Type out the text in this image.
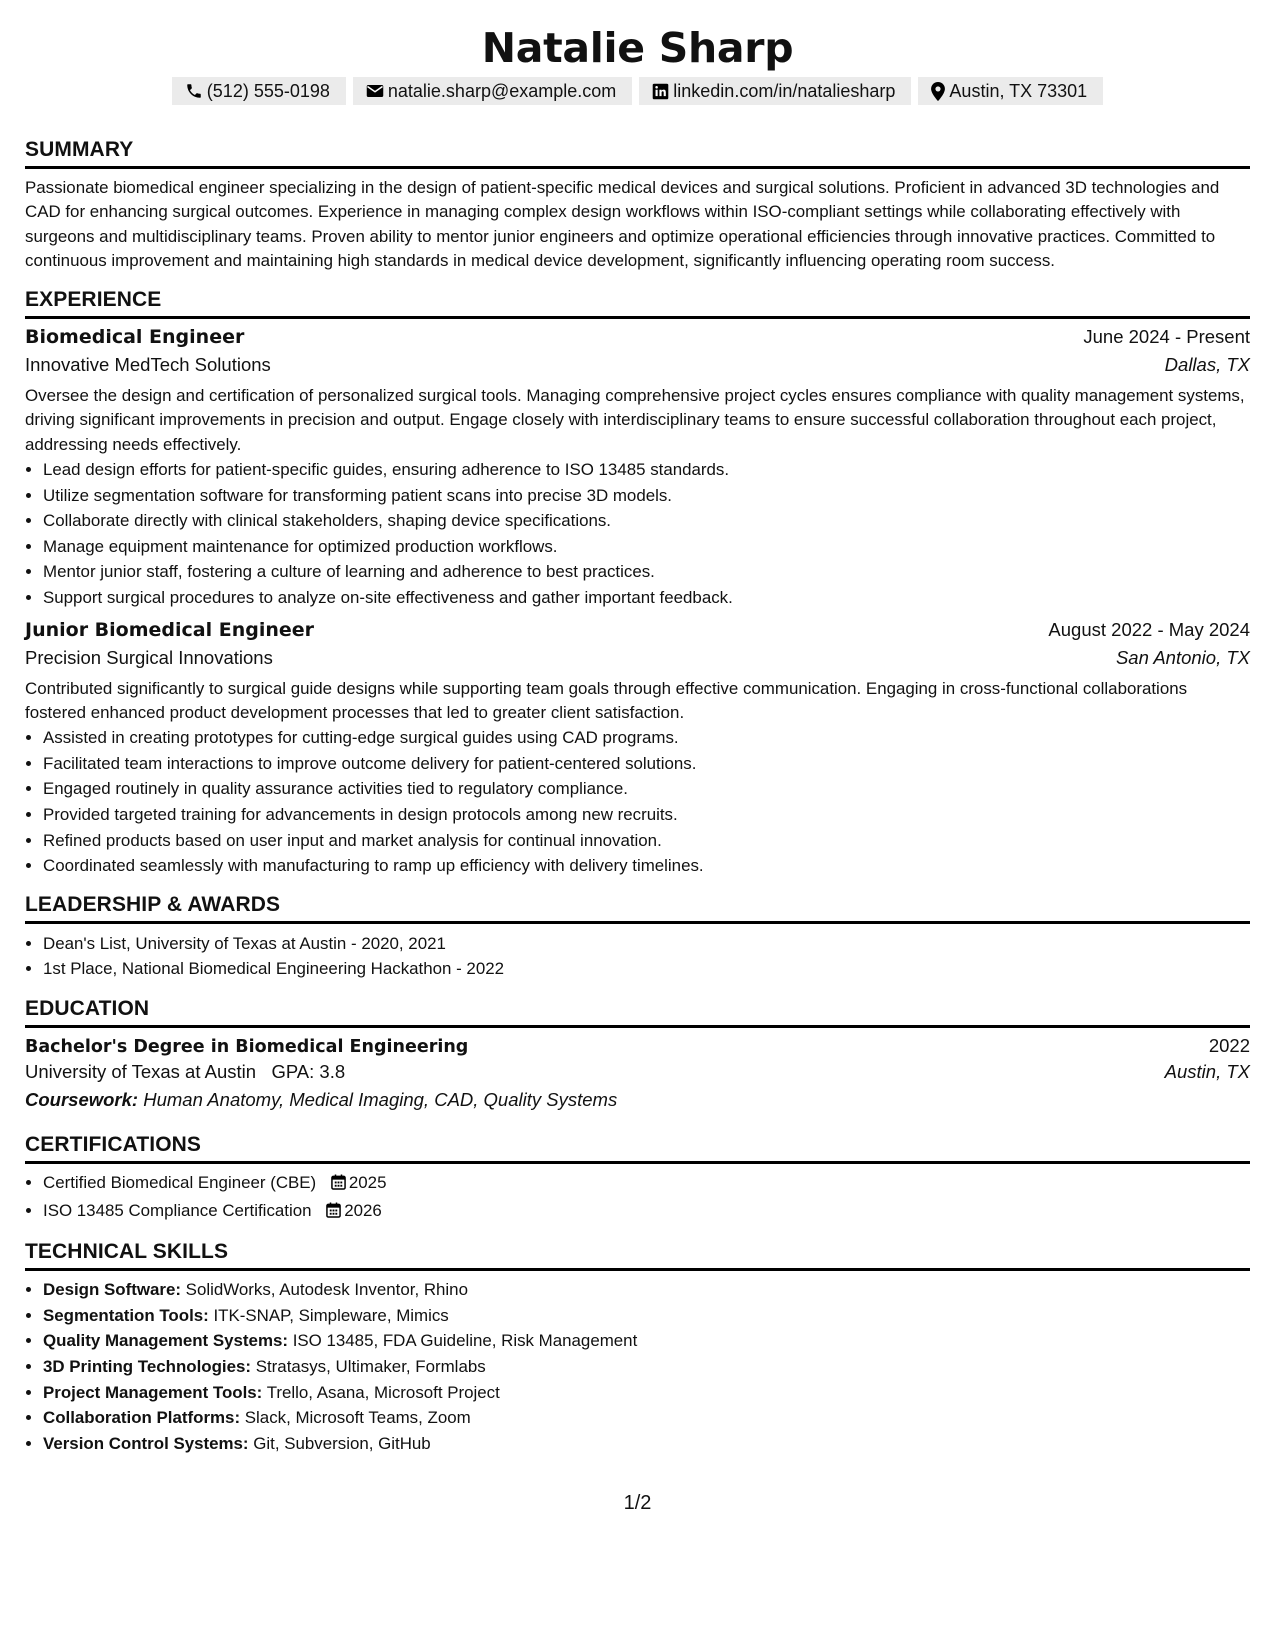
Natalie Sharp
(512) 555-0198	natalie.sharp@example.com	linkedin.com/in/nataliesharp	Austin, TX 73301
SUMMARY

Passionate biomedical engineer specializing in the design of patient-specific medical devices and surgical solutions. Proficient in advanced 3D technologies and CAD for enhancing surgical outcomes. Experience in managing complex design workflows within ISO-compliant settings while collaborating effectively with surgeons and multidisciplinary teams. Proven ability to mentor junior engineers and optimize operational efficiencies through innovative practices. Committed to continuous improvement and maintaining high standards in medical device development, significantly influencing operating room success.

EXPERIENCE
Biomedical Engineer	June 2024 - Present
Innovative MedTech Solutions	Dallas, TX

Oversee the design and certification of personalized surgical tools. Managing comprehensive project cycles ensures compliance with quality management systems, driving significant improvements in precision and output. Engage closely with interdisciplinary teams to ensure successful collaboration throughout each project, addressing needs effectively.

• Lead design efforts for patient-specific guides, ensuring adherence to ISO 13485 standards.
• Utilize segmentation software for transforming patient scans into precise 3D models.
• Collaborate directly with clinical stakeholders, shaping device specifications.
• Manage equipment maintenance for optimized production workflows.
• Mentor junior staff, fostering a culture of learning and adherence to best practices.
• Support surgical procedures to analyze on-site effectiveness and gather important feedback.
Junior Biomedical Engineer	August 2022 - May 2024
Precision Surgical Innovations	San Antonio, TX

Contributed significantly to surgical guide designs while supporting team goals through effective communication. Engaging in cross-functional collaborations fostered enhanced product development processes that led to greater client satisfaction.

• Assisted in creating prototypes for cutting-edge surgical guides using CAD programs.
• Facilitated team interactions to improve outcome delivery for patient-centered solutions.
• Engaged routinely in quality assurance activities tied to regulatory compliance.
• Provided targeted training for advancements in design protocols among new recruits.
• Refined products based on user input and market analysis for continual innovation.
• Coordinated seamlessly with manufacturing to ramp up efficiency with delivery timelines.
LEADERSHIP & AWARDS
• Dean's List, University of Texas at Austin - 2020, 2021
• 1st Place, National Biomedical Engineering Hackathon - 2022
EDUCATION
Bachelor's Degree in Biomedical Engineering	2022
University of Texas at Austin GPA: 3.8	Austin, TX
Coursework: Human Anatomy, Medical Imaging, CAD, Quality Systems
CERTIFICATIONS
• Certified Biomedical Engineer (CBE) 2025
• ISO 13485 Compliance Certification 2026
TECHNICAL SKILLS
• Design Software: SolidWorks, Autodesk Inventor, Rhino
• Segmentation Tools: ITK-SNAP, Simpleware, Mimics
• Quality Management Systems: ISO 13485, FDA Guideline, Risk Management
• 3D Printing Technologies: Stratasys, Ultimaker, Formlabs
• Project Management Tools: Trello, Asana, Microsoft Project
• Collaboration Platforms: Slack, Microsoft Teams, Zoom
• Version Control Systems: Git, Subversion, GitHub
1/2
